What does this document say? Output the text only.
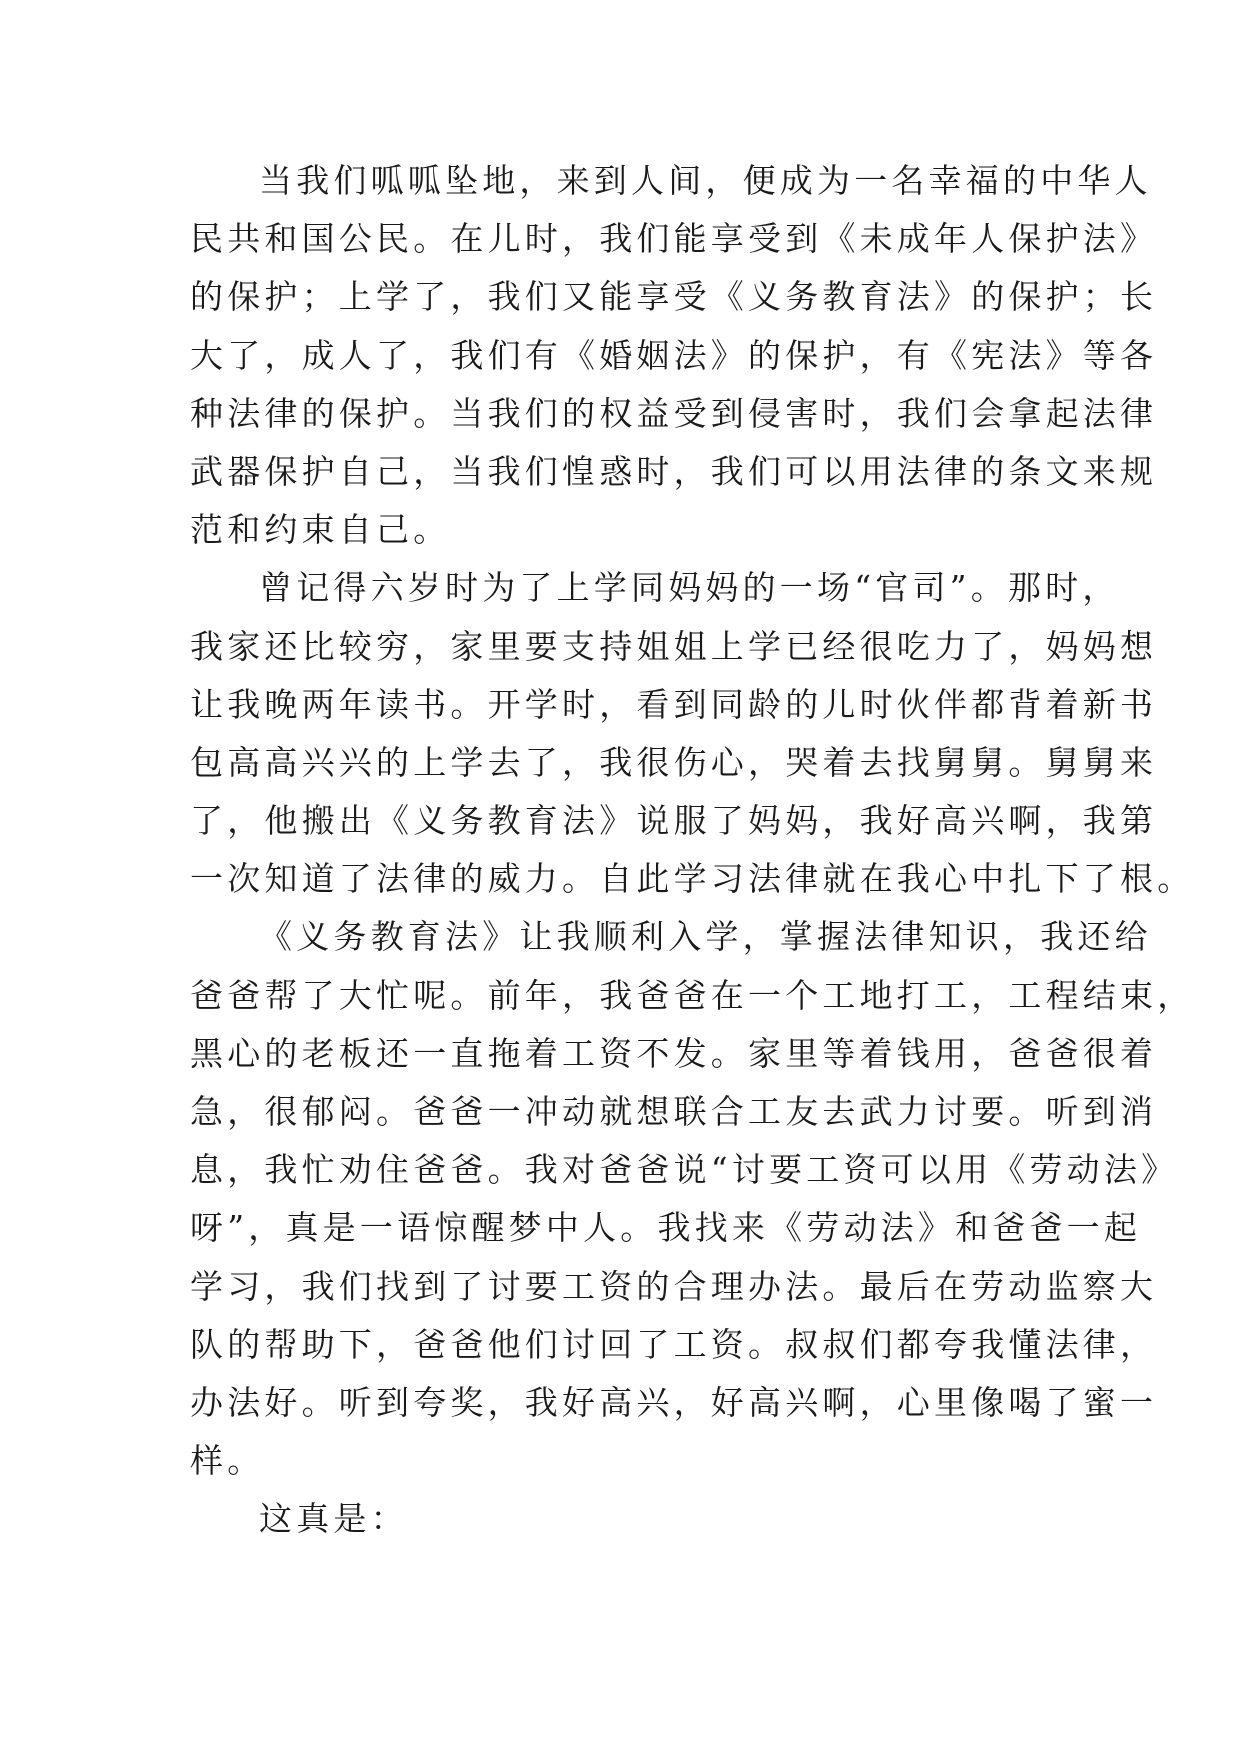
当我们呱呱坠地，来到人间，便成为一名幸福的中华人
民共和国公民。在儿时，我们能享受到《未成年人保护法》
的保护；上学了，我们又能享受《义务教育法》的保护；长
大了，成人了，我们有《婚姻法》的保护，有《宪法》等各
种法律的保护。当我们的权益受到侵害时，我们会拿起法律
武器保护自己，当我们惶惑时，我们可以用法律的条文来规
范和约束自己。
曾记得六岁时为了上学同妈妈的一场“官司”。那时，
我家还比较穷，家里要支持姐姐上学已经很吃力了，妈妈想
让我晚两年读书。开学时，看到同龄的儿时伙伴都背着新书
包高高兴兴的上学去了，我很伤心，哭着去找舅舅。舅舅来
了，他搬出《义务教育法》说服了妈妈，我好高兴啊，我第
一次知道了法律的威力。自此学习法律就在我心中扎下了根。
《义务教育法》让我顺利入学，掌握法律知识，我还给
爸爸帮了大忙呢。前年，我爸爸在一个工地打工，工程结束，
黑心的老板还一直拖着工资不发。家里等着钱用，爸爸很着
急，很郁闷。爸爸一冲动就想联合工友去武力讨要。听到消
息，我忙劝住爸爸。我对爸爸说“讨要工资可以用《劳动法》
呀”，真是一语惊醒梦中人。我找来《劳动法》和爸爸一起
学习，我们找到了讨要工资的合理办法。最后在劳动监察大
队的帮助下，爸爸他们讨回了工资。叔叔们都夸我懂法律，
办法好。听到夸奖，我好高兴，好高兴啊，心里像喝了蜜一
样。
这真是：
